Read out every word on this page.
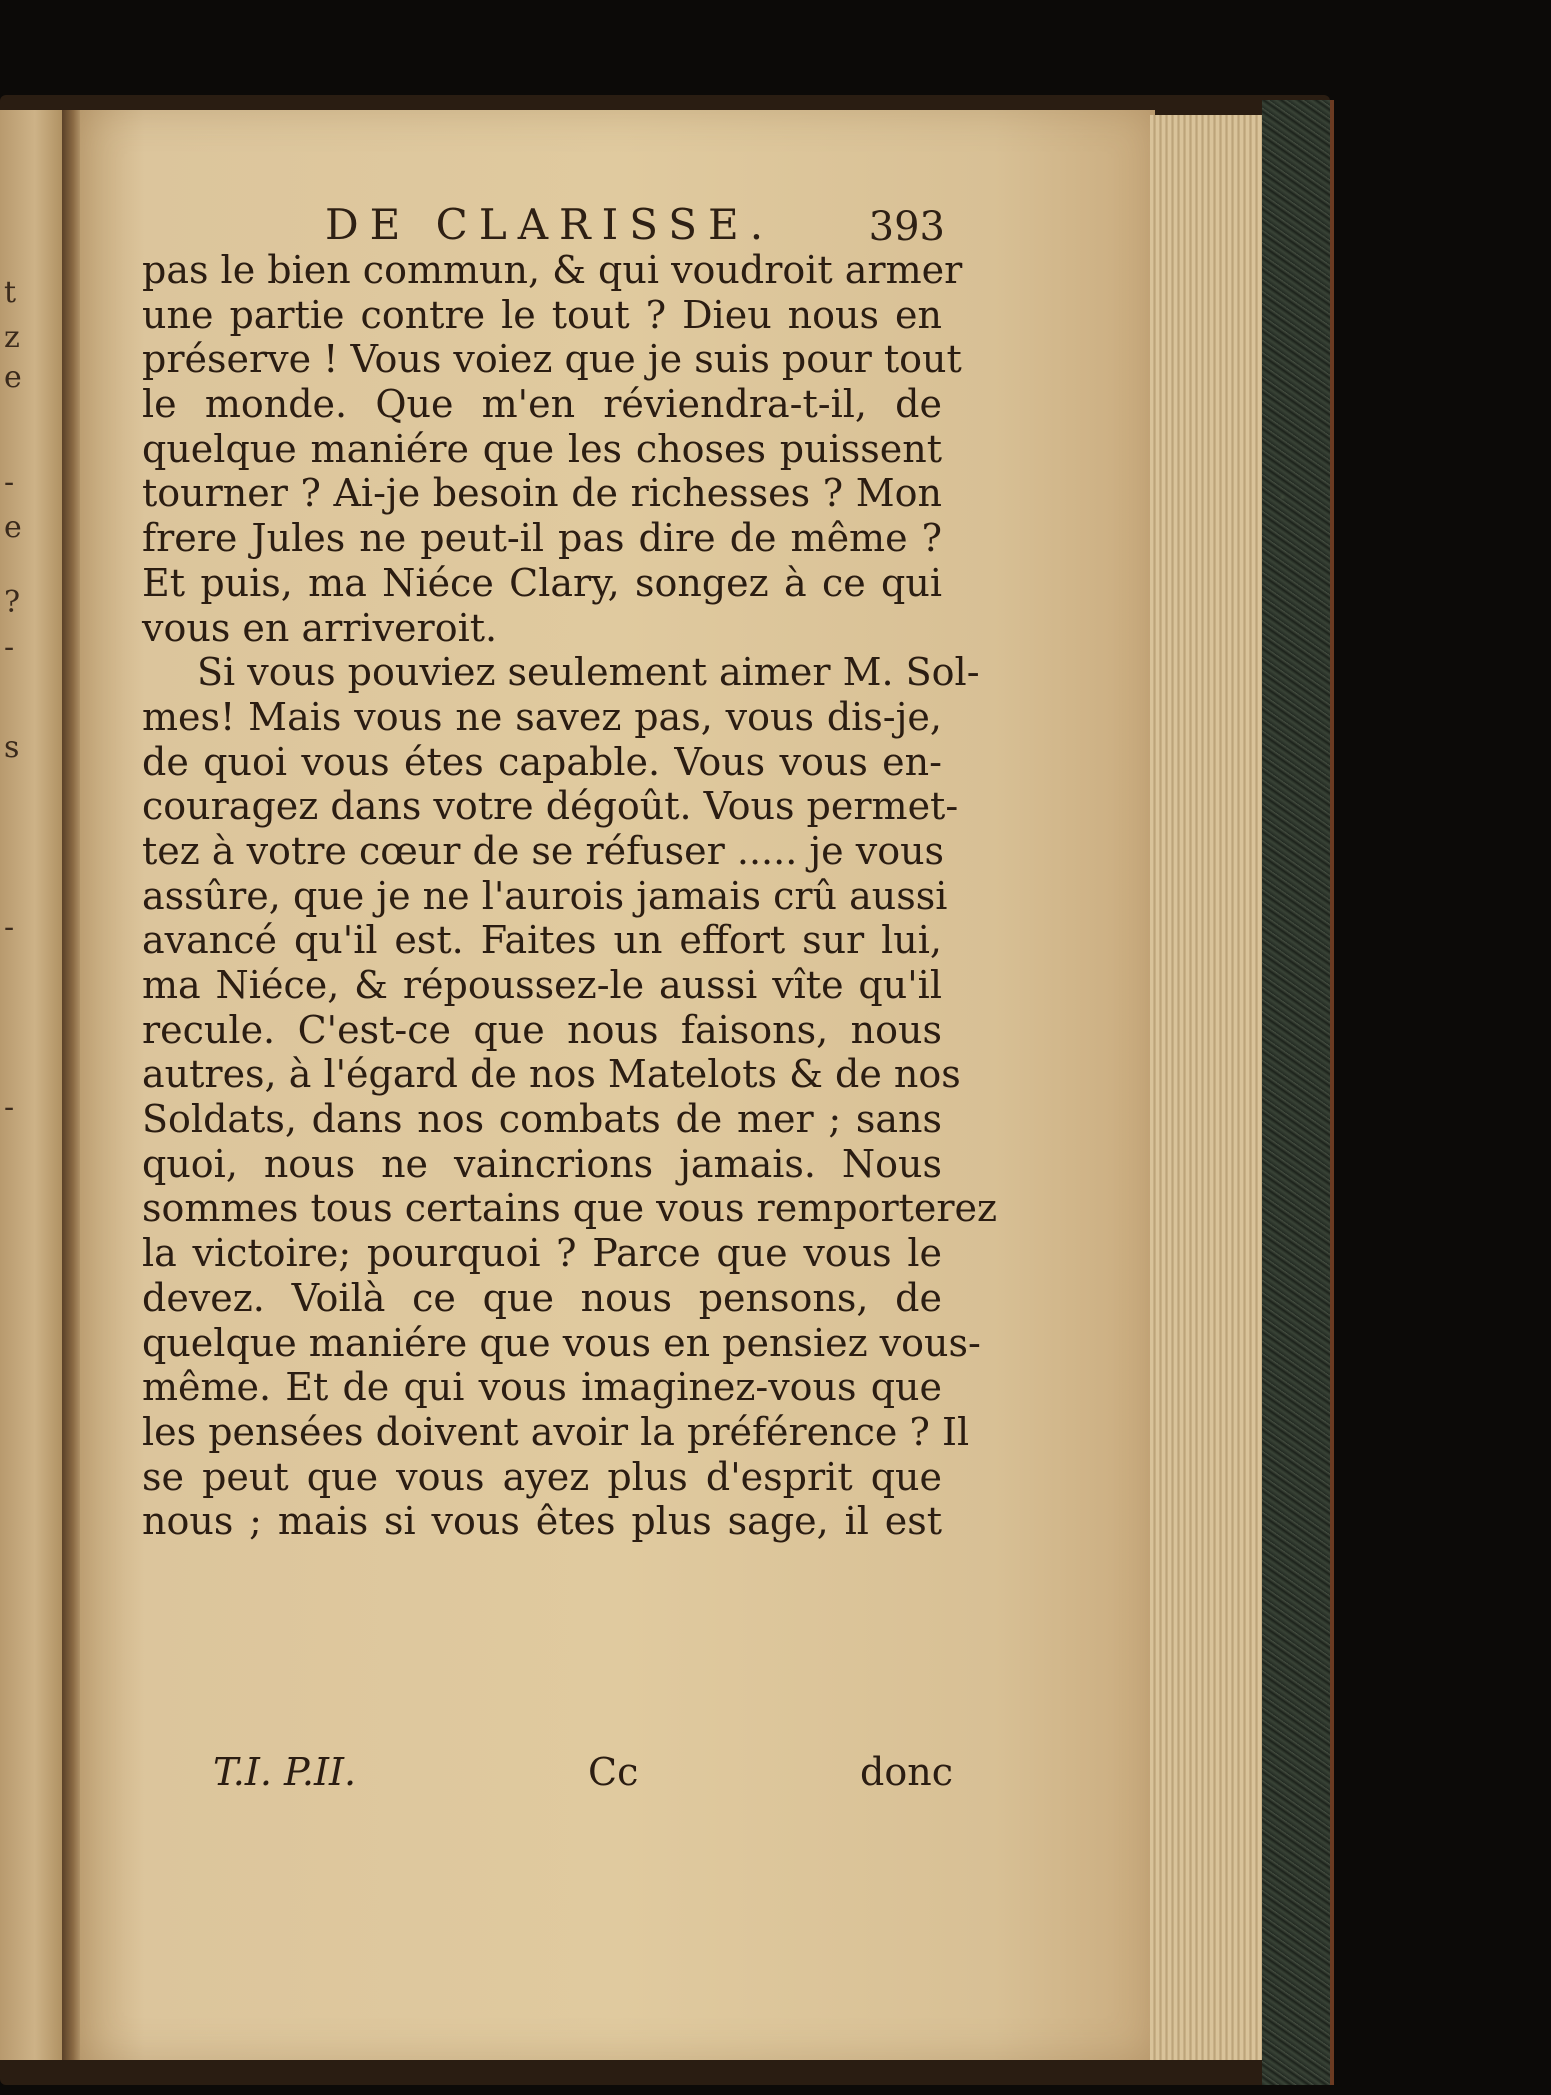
t
z
e
-
e
?
-
s
-
-
DE CLARISSE. 393
pas le bien commun, & qui voudroit armer
une partie contre le tout ? Dieu nous en
préserve ! Vous voiez que je suis pour tout
le monde. Que m'en réviendra-t-il, de
quelque maniére que les choses puissent
tourner ? Ai-je besoin de richesses ? Mon
frere Jules ne peut-il pas dire de même ?
Et puis, ma Niéce Clary, songez à ce qui
vous en arriveroit.
Si vous pouviez seulement aimer M. Sol-
mes! Mais vous ne savez pas, vous dis-je,
de quoi vous étes capable. Vous vous en-
couragez dans votre dégoût. Vous permet-
tez à votre cœur de se réfuser ..... je vous
assûre, que je ne l'aurois jamais crû aussi
avancé qu'il est. Faites un effort sur lui,
ma Niéce, & répoussez-le aussi vîte qu'il
recule. C'est-ce que nous faisons, nous
autres, à l'égard de nos Matelots & de nos
Soldats, dans nos combats de mer ; sans
quoi, nous ne vaincrions jamais. Nous
sommes tous certains que vous remporterez
la victoire; pourquoi ? Parce que vous le
devez. Voilà ce que nous pensons, de
quelque maniére que vous en pensiez vous-
même. Et de qui vous imaginez-vous que
les pensées doivent avoir la préférence ? Il
se peut que vous ayez plus d'esprit que
nous ; mais si vous êtes plus sage, il est
T.I. P.II.	Cc	donc
